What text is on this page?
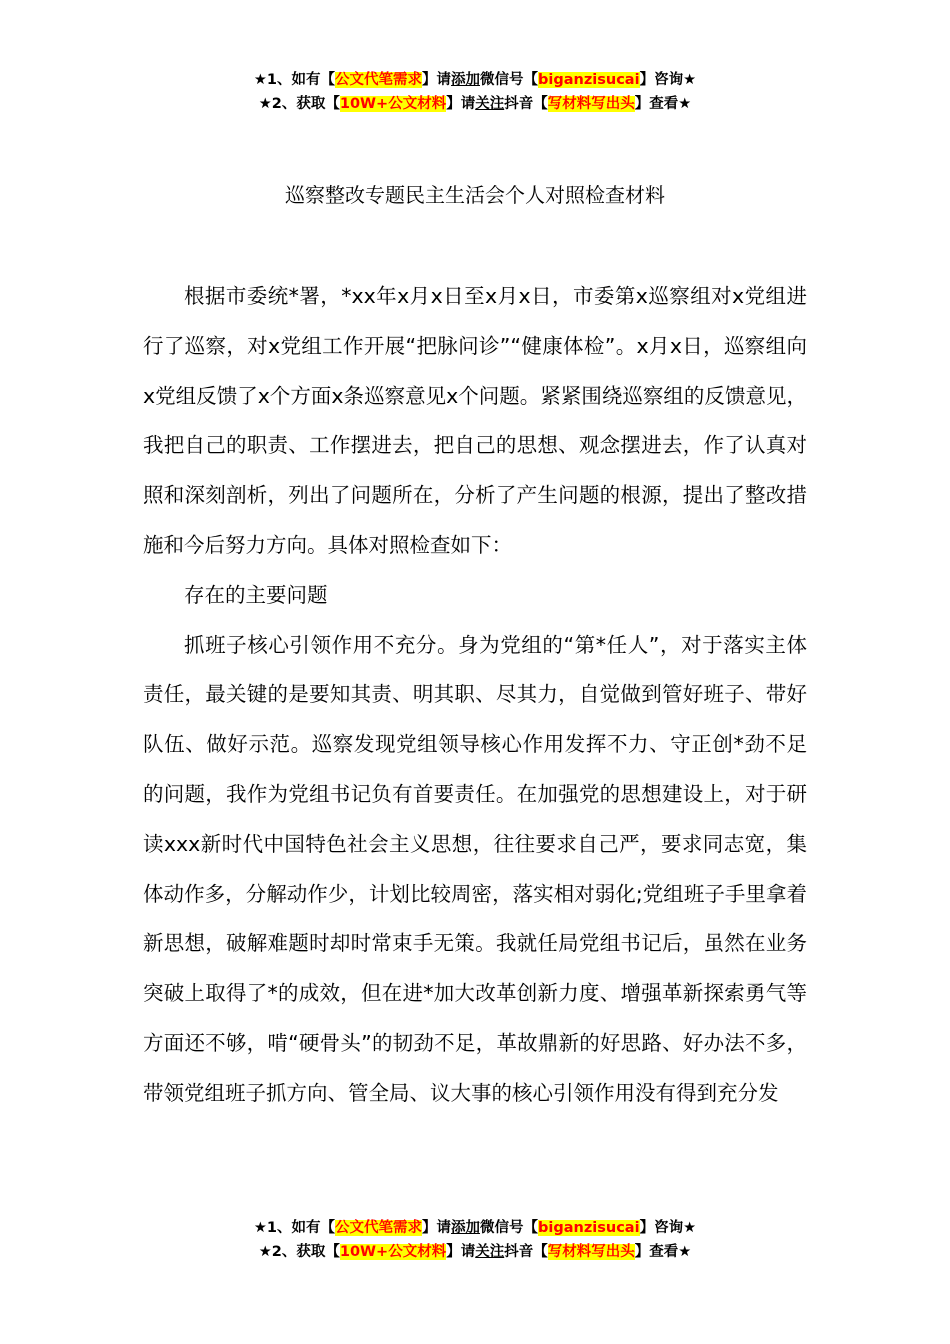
★1、如有【公文代笔需求】请添加微信号【biganzisucai】咨询★
★2、获取【10W+公文材料】请关注抖音【写材料写出头】查看★
巡察整改专题民主生活会个人对照检查材料

根据市委统*署，*xx年x月x日至x月x日，市委第x巡察组对x党组进行了巡察，对x党组工作开展“把脉问诊”“健康体检”。x月x日，巡察组向x党组反馈了x个方面x条巡察意见x个问题。紧紧围绕巡察组的反馈意见，我把自己的职责、工作摆进去，把自己的思想、观念摆进去，作了认真对照和深刻剖析，列出了问题所在，分析了产生问题的根源，提出了整改措施和今后努力方向。具体对照检查如下：

存在的主要问题

抓班子核心引领作用不充分。身为党组的“第*任人”，对于落实主体责任，最关键的是要知其责、明其职、尽其力，自觉做到管好班子、带好队伍、做好示范。巡察发现党组领导核心作用发挥不力、守正创*劲不足的问题，我作为党组书记负有首要责任。在加强党的思想建设上，对于研读xxx新时代中国特色社会主义思想，往往要求自己严，要求同志宽，集体动作多，分解动作少，计划比较周密，落实相对弱化;党组班子手里拿着新思想，破解难题时却时常束手无策。我就任局党组书记后，虽然在业务突破上取得了*的成效，但在进*加大改革创新力度、增强革新探索勇气等方面还不够，啃“硬骨头”的韧劲不足，革故鼎新的好思路、好办法不多，带领党组班子抓方向、管全局、议大事的核心引领作用没有得到充分发

★1、如有【公文代笔需求】请添加微信号【biganzisucai】咨询★
★2、获取【10W+公文材料】请关注抖音【写材料写出头】查看★
